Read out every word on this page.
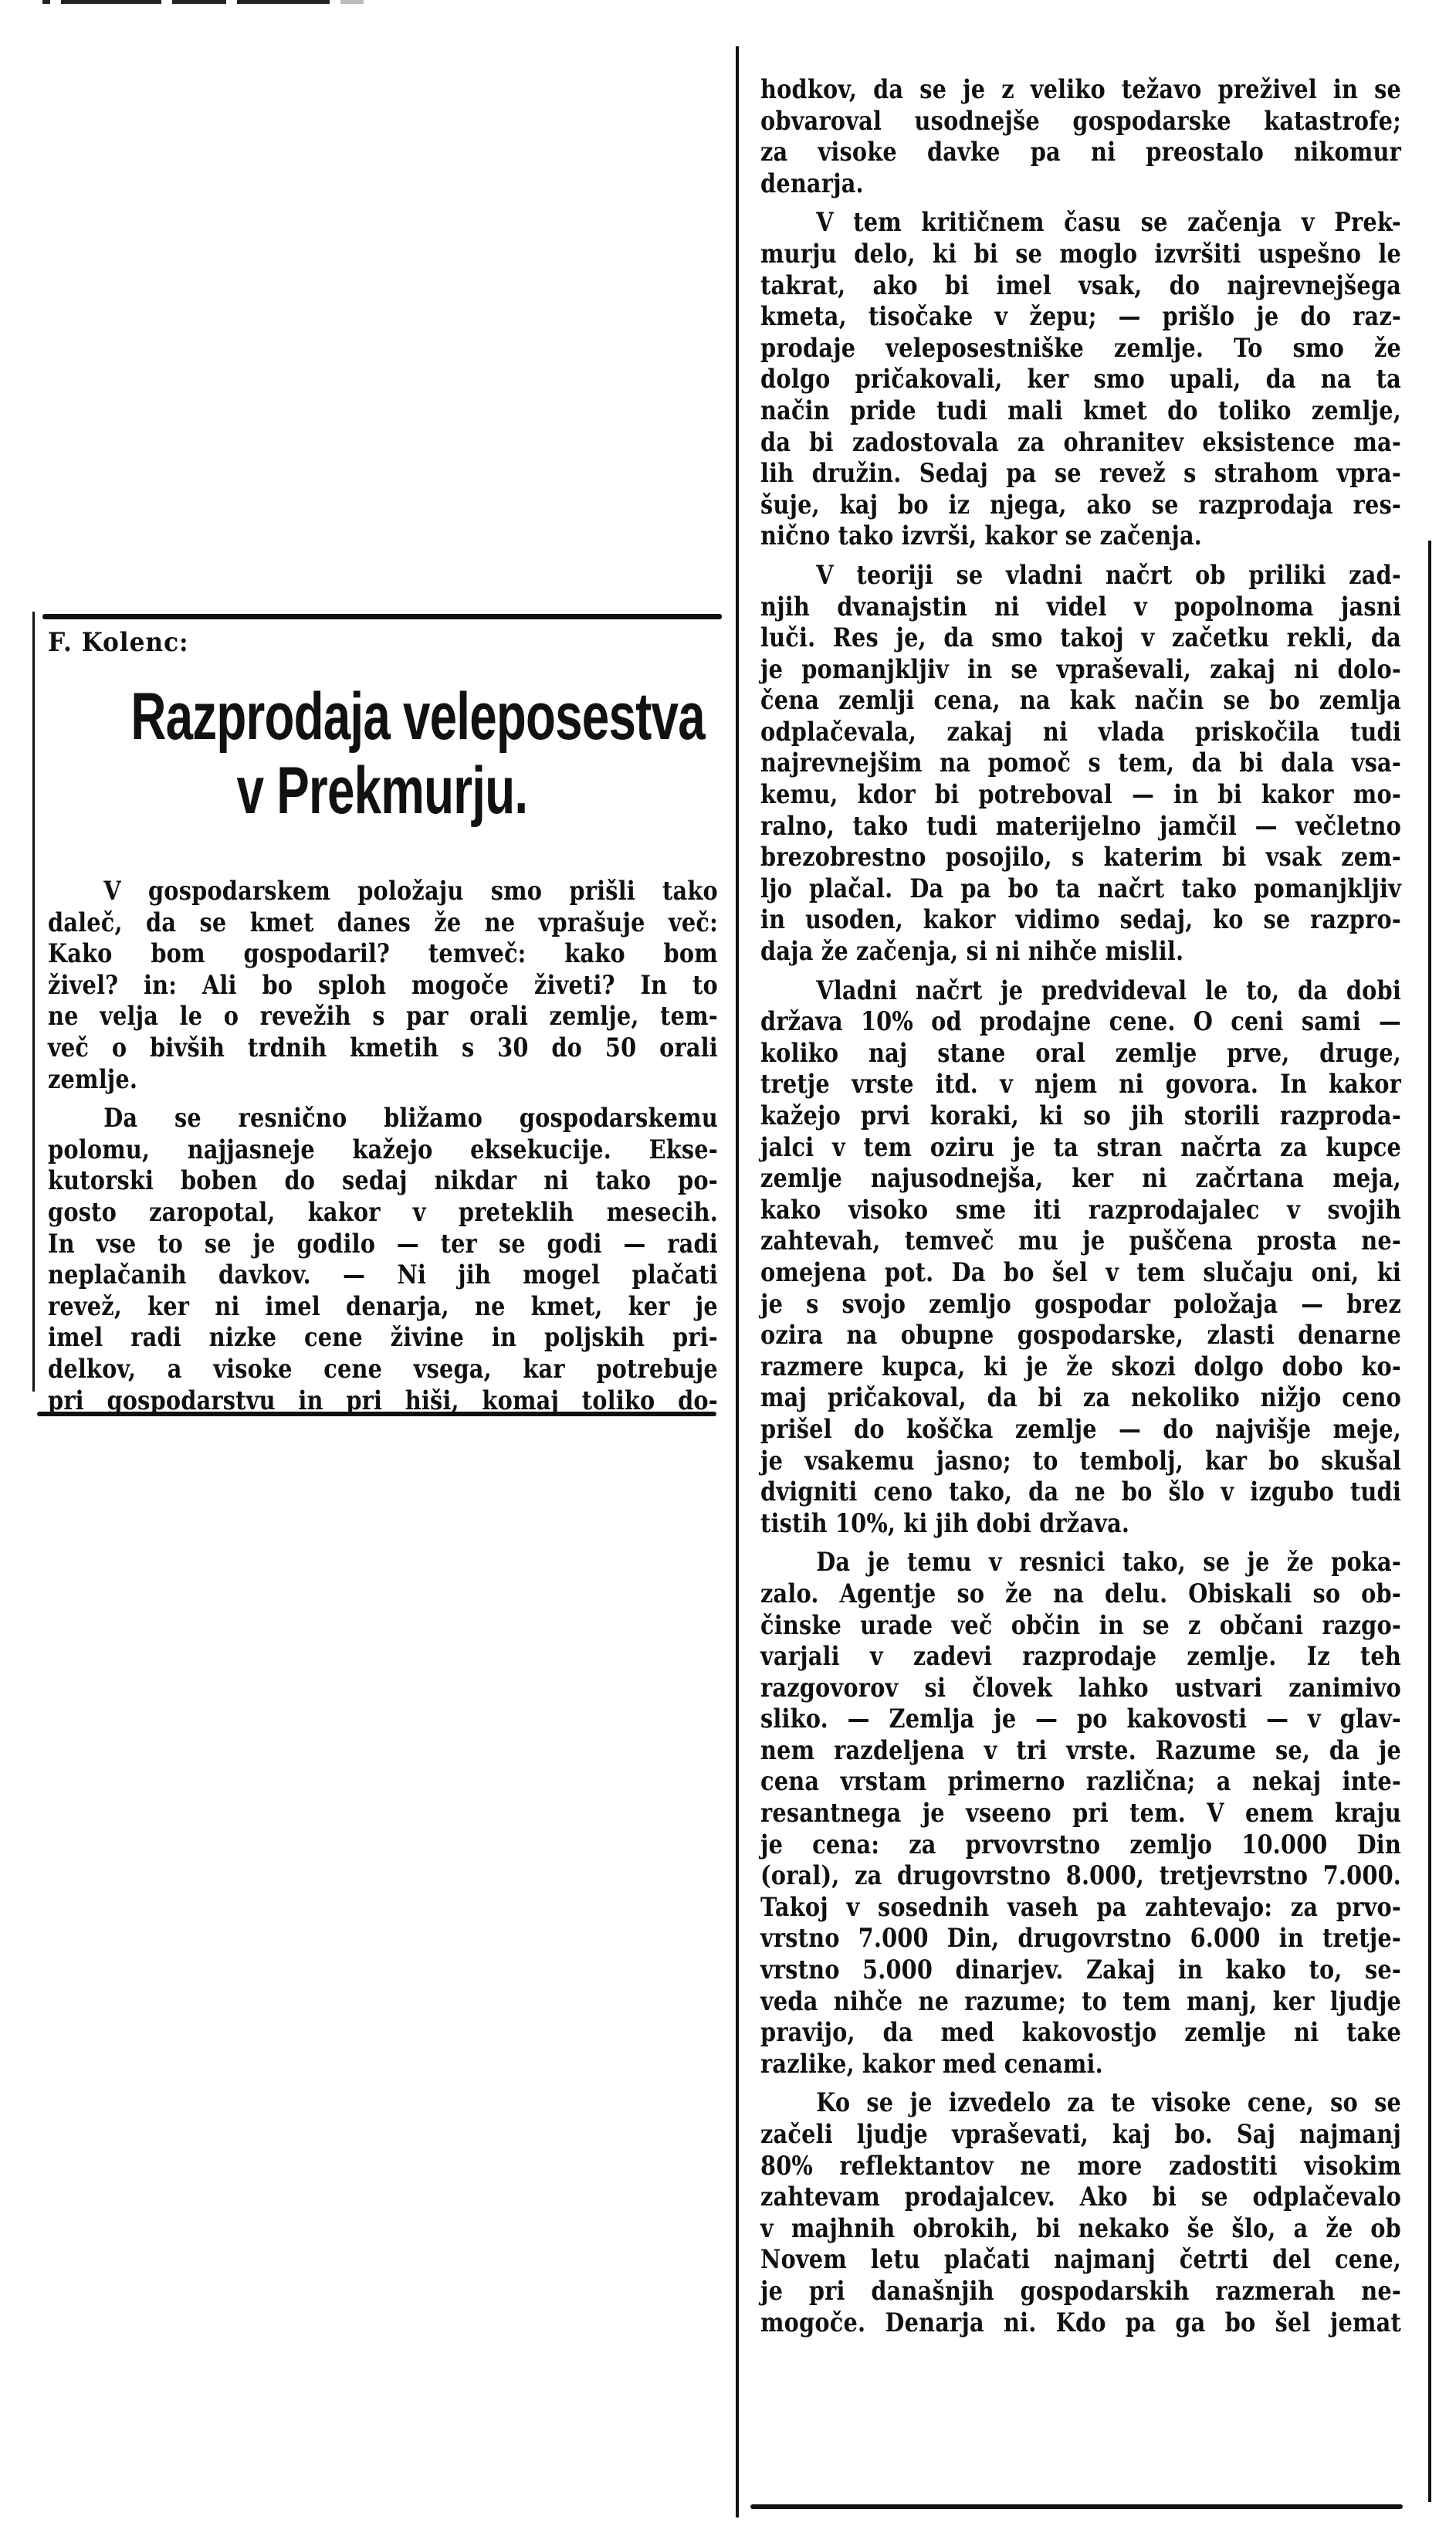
F. Kolenc:
Razprodaja veleposestva
v Prekmurju.
V gospodarskem položaju smo prišli tako
daleč, da se kmet danes že ne vprašuje več:
Kako bom gospodaril? temveč: kako bom
živel? in: Ali bo sploh mogoče živeti? In to
ne velja le o revežih s par orali zemlje, tem-
več o bivših trdnih kmetih s 30 do 50 orali
zemlje.
Da se resnično bližamo gospodarskemu
polomu, najjasneje kažejo eksekucije. Ekse-
kutorski boben do sedaj nikdar ni tako po-
gosto zaropotal, kakor v preteklih mesecih.
In vse to se je godilo — ter se godi — radi
neplačanih davkov. — Ni jih mogel plačati
revež, ker ni imel denarja, ne kmet, ker je
imel radi nizke cene živine in poljskih pri-
delkov, a visoke cene vsega, kar potrebuje
pri gospodarstvu in pri hiši, komaj toliko do-
hodkov, da se je z veliko težavo preživel in se
obvaroval usodnejše gospodarske katastrofe;
za visoke davke pa ni preostalo nikomur
denarja.
V tem kritičnem času se začenja v Prek-
murju delo, ki bi se moglo izvršiti uspešno le
takrat, ako bi imel vsak, do najrevnejšega
kmeta, tisočake v žepu; — prišlo je do raz-
prodaje veleposestniške zemlje. To smo že
dolgo pričakovali, ker smo upali, da na ta
način pride tudi mali kmet do toliko zemlje,
da bi zadostovala za ohranitev eksistence ma-
lih družin. Sedaj pa se revež s strahom vpra-
šuje, kaj bo iz njega, ako se razprodaja res-
nično tako izvrši, kakor se začenja.
V teoriji se vladni načrt ob priliki zad-
njih dvanajstin ni videl v popolnoma jasni
luči. Res je, da smo takoj v začetku rekli, da
je pomanjkljiv in se vpraševali, zakaj ni dolo-
čena zemlji cena, na kak način se bo zemlja
odplačevala, zakaj ni vlada priskočila tudi
najrevnejšim na pomoč s tem, da bi dala vsa-
kemu, kdor bi potreboval — in bi kakor mo-
ralno, tako tudi materijelno jamčil — večletno
brezobrestno posojilo, s katerim bi vsak zem-
ljo plačal. Da pa bo ta načrt tako pomanjkljiv
in usoden, kakor vidimo sedaj, ko se razpro-
daja že začenja, si ni nihče mislil.
Vladni načrt je predvideval le to, da dobi
država 10% od prodajne cene. O ceni sami —
koliko naj stane oral zemlje prve, druge,
tretje vrste itd. v njem ni govora. In kakor
kažejo prvi koraki, ki so jih storili razproda-
jalci v tem oziru je ta stran načrta za kupce
zemlje najusodnejša, ker ni začrtana meja,
kako visoko sme iti razprodajalec v svojih
zahtevah, temveč mu je puščena prosta ne-
omejena pot. Da bo šel v tem slučaju oni, ki
je s svojo zemljo gospodar položaja — brez
ozira na obupne gospodarske, zlasti denarne
razmere kupca, ki je že skozi dolgo dobo ko-
maj pričakoval, da bi za nekoliko nižjo ceno
prišel do koščka zemlje — do najvišje meje,
je vsakemu jasno; to tembolj, kar bo skušal
dvigniti ceno tako, da ne bo šlo v izgubo tudi
tistih 10%, ki jih dobi država.
Da je temu v resnici tako, se je že poka-
zalo. Agentje so že na delu. Obiskali so ob-
činske urade več občin in se z občani razgo-
varjali v zadevi razprodaje zemlje. Iz teh
razgovorov si človek lahko ustvari zanimivo
sliko. — Zemlja je — po kakovosti — v glav-
nem razdeljena v tri vrste. Razume se, da je
cena vrstam primerno različna; a nekaj inte-
resantnega je vseeno pri tem. V enem kraju
je cena: za prvovrstno zemljo 10.000 Din
(oral), za drugovrstno 8.000, tretjevrstno 7.000.
Takoj v sosednih vaseh pa zahtevajo: za prvo-
vrstno 7.000 Din, drugovrstno 6.000 in tretje-
vrstno 5.000 dinarjev. Zakaj in kako to, se-
veda nihče ne razume; to tem manj, ker ljudje
pravijo, da med kakovostjo zemlje ni take
razlike, kakor med cenami.
Ko se je izvedelo za te visoke cene, so se
začeli ljudje vpraševati, kaj bo. Saj najmanj
80% reflektantov ne more zadostiti visokim
zahtevam prodajalcev. Ako bi se odplačevalo
v majhnih obrokih, bi nekako še šlo, a že ob
Novem letu plačati najmanj četrti del cene,
je pri današnjih gospodarskih razmerah ne-
mogoče. Denarja ni. Kdo pa ga bo šel jemat
